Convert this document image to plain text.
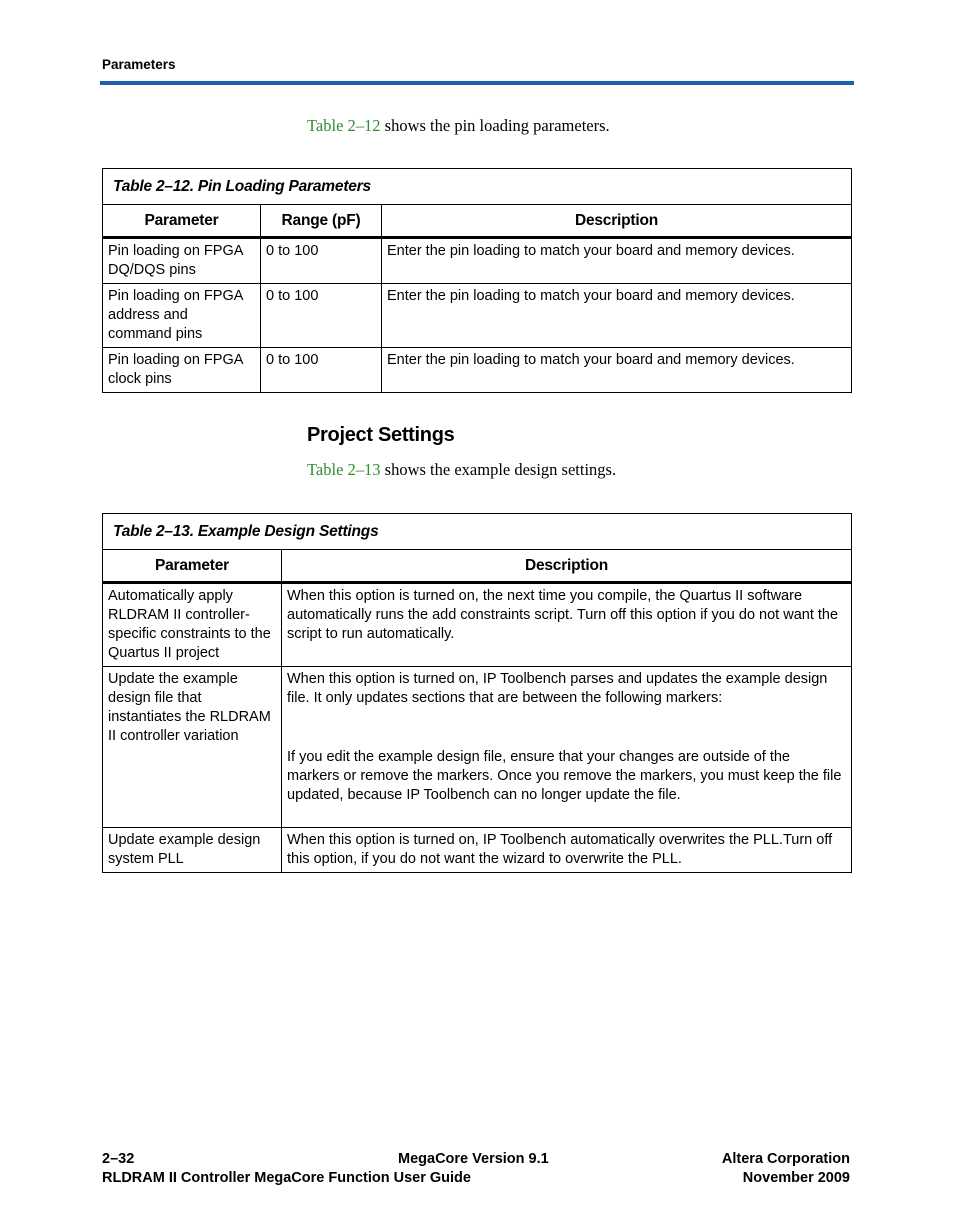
Parameters
Table 2–12 shows the pin loading parameters.
Table 2–12. Pin Loading Parameters		
Parameter	Range (pF)	Description
Pin loading on FPGA DQ/DQS pins	0 to 100	Enter the pin loading to match your board and memory devices.
Pin loading on FPGA address and command pins	0 to 100	Enter the pin loading to match your board and memory devices.
Pin loading on FPGA clock pins	0 to 100	Enter the pin loading to match your board and memory devices.
Project Settings
Table 2–13 shows the example design settings.
Table 2–13. Example Design Settings	
Parameter	Description
Automatically apply RLDRAM II controller-specific constraints to the Quartus II project	When this option is turned on, the next time you compile, the Quartus II software automatically runs the add constraints script. Turn off this option if you do not want the script to run automatically.

Update the example design file that instantiates the RLDRAM II controller variation	When this option is turned on, IP Toolbench parses and updates the example design file. It only updates sections that are between the following markers:
If you edit the example design file, ensure that your changes are outside of the markers or remove the markers. Once you remove the markers, you must keep the file updated, because IP Toolbench can no longer update the file.

Update example design system PLL	When this option is turned on, IP Toolbench automatically overwrites the PLL.Turn off this option, if you do not want the wizard to overwrite the PLL.
2–32	MegaCore Version 9.1	Altera Corporation
RLDRAM II Controller MegaCore Function User Guide	November 2009
